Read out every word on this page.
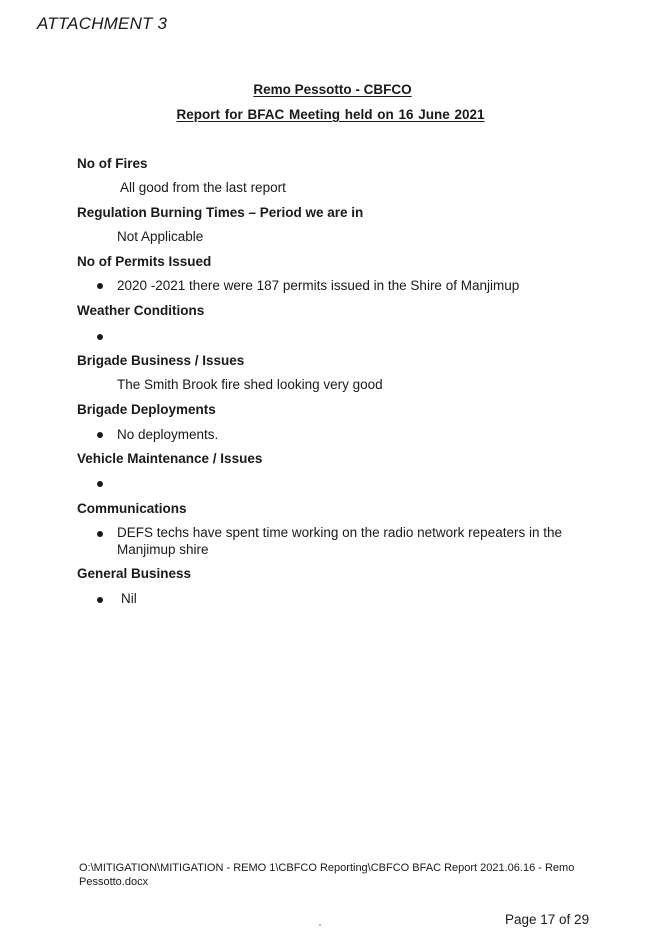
ATTACHMENT 3
Remo Pessotto - CBFCO
Report for BFAC Meeting held on 16 June 2021
No of Fires
All good from the last report
Regulation Burning Times – Period we are in
Not Applicable
No of Permits Issued
2020 -2021 there were 187 permits issued in the Shire of Manjimup
Weather Conditions
Brigade Business / Issues
The Smith Brook fire shed looking very good
Brigade Deployments
No deployments.
Vehicle Maintenance / Issues
Communications
DEFS techs have spent time working on the radio network repeaters in the
Manjimup shire
General Business
Nil
O:\MITIGATION\MITIGATION - REMO 1\CBFCO Reporting\CBFCO BFAC Report 2021.06.16 - Remo
Pessotto.docx
Page 17 of 29
